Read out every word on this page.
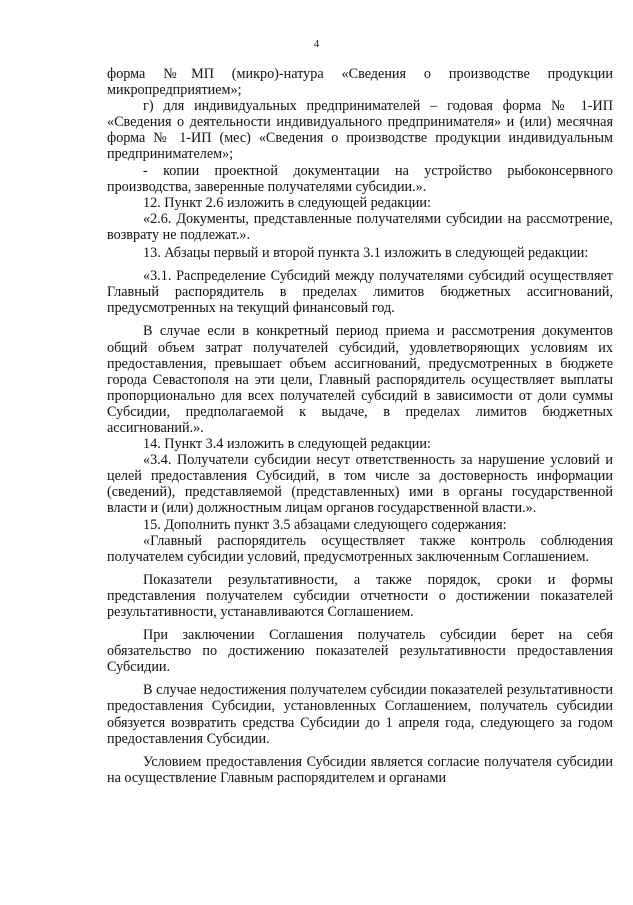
4

форма №МП (микро)-натура «Сведения о производстве продукции микропредприятием»;

г) для индивидуальных предпринимателей – годовая форма № 1-ИП «Сведения о деятельности индивидуального предпринимателя» и (или) месячная форма № 1-ИП (мес) «Сведения о производстве продукции индивидуальным предпринимателем»;

- копии проектной документации на устройство рыбоконсервного производства, заверенные получателями субсидии.».

12. Пункт 2.6 изложить в следующей редакции:

«2.6. Документы, представленные получателями субсидии на рассмотрение, возврату не подлежат.».

13. Абзацы первый и второй пункта 3.1 изложить в следующей редакции:

«3.1. Распределение Субсидий между получателями субсидий осуществляет Главный распорядитель в пределах лимитов бюджетных ассигнований, предусмотренных на текущий финансовый год.

В случае если в конкретный период приема и рассмотрения документов общий объем затрат получателей субсидий, удовлетворяющих условиям их предоставления, превышает объем ассигнований, предусмотренных в бюджете города Севастополя на эти цели, Главный распорядитель осуществляет выплаты пропорционально для всех получателей субсидий в зависимости от доли суммы Субсидии, предполагаемой к выдаче, в пределах лимитов бюджетных ассигнований.».

14. Пункт 3.4 изложить в следующей редакции:

«3.4. Получатели субсидии несут ответственность за нарушение условий и целей предоставления Субсидий, в том числе за достоверность информации (сведений), представляемой (представленных) ими в органы государственной власти и (или) должностным лицам органов государственной власти.».

15. Дополнить пункт 3.5 абзацами следующего содержания:

«Главный распорядитель осуществляет также контроль соблюдения получателем субсидии условий, предусмотренных заключенным Соглашением.

Показатели результативности, а также порядок, сроки и формы представления получателем субсидии отчетности о достижении показателей результативности, устанавливаются Соглашением.

При заключении Соглашения получатель субсидии берет на себя обязательство по достижению показателей результативности предоставления Субсидии.

В случае недостижения получателем субсидии показателей результативности предоставления Субсидии, установленных Соглашением, получатель субсидии обязуется возвратить средства Субсидии до 1 апреля года, следующего за годом предоставления Субсидии.

Условием предоставления Субсидии является согласие получателя субсидии на осуществление Главным распорядителем и органами
